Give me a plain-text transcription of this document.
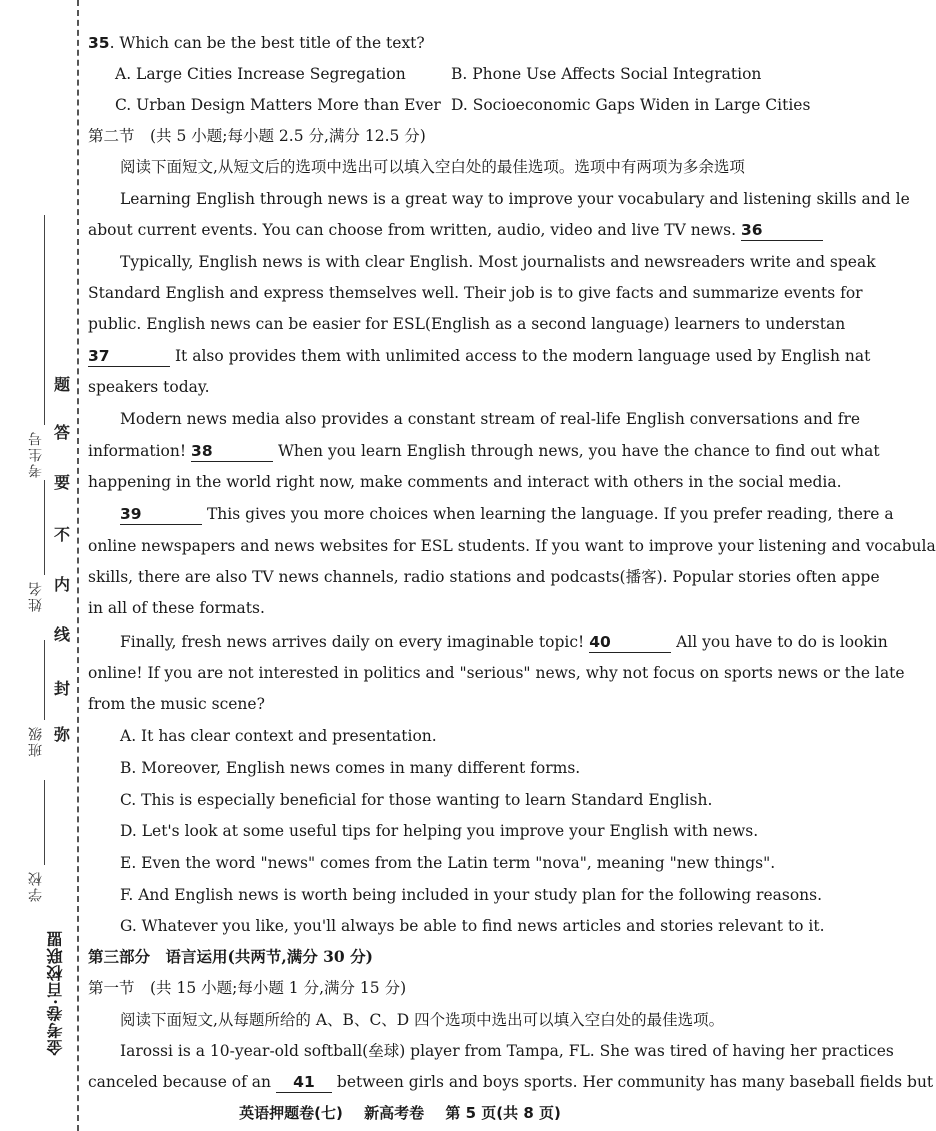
考生号
姓名
班级
学校
题
答
要
不
内
线
封
弥
金考卷·百校联盟
35. Which can be the best title of the text?
A. Large Cities Increase Segregation	B. Phone Use Affects Social Integration
C. Urban Design Matters More than Ever D. Socioeconomic Gaps Widen in Large Cities
第二节　(共 5 小题;每小题 2.5 分,满分 12.5 分)
阅读下面短文,从短文后的选项中选出可以填入空白处的最佳选项。选项中有两项为多余选项
Learning English through news is a great way to improve your vocabulary and listening skills and le
about current events. You can choose from written, audio, video and live TV news. 36
Typically, English news is with clear English. Most journalists and newsreaders write and speak
Standard English and express themselves well. Their job is to give facts and summarize events for
public. English news can be easier for ESL(English as a second language) learners to understan
37	It also provides them with unlimited access to the modern language used by English nat
speakers today.
Modern news media also provides a constant stream of real-life English conversations and fre
information! 38	When you learn English through news, you have the chance to find out what
happening in the world right now, make comments and interact with others in the social media.
39	This gives you more choices when learning the language. If you prefer reading, there a
online newspapers and news websites for ESL students. If you want to improve your listening and vocabula
skills, there are also TV news channels, radio stations and podcasts(播客). Popular stories often appe
in all of these formats.
Finally, fresh news arrives daily on every imaginable topic! 40	All you have to do is lookin
online! If you are not interested in politics and "serious" news, why not focus on sports news or the late
from the music scene?
A. It has clear context and presentation.
B. Moreover, English news comes in many different forms.
C. This is especially beneficial for those wanting to learn Standard English.
D. Let's look at some useful tips for helping you improve your English with news.
E. Even the word "news" comes from the Latin term "nova", meaning "new things".
F. And English news is worth being included in your study plan for the following reasons.
G. Whatever you like, you'll always be able to find news articles and stories relevant to it.
第三部分　语言运用(共两节,满分 30 分)
第一节　(共 15 小题;每小题 1 分,满分 15 分)
阅读下面短文,从每题所给的 A、B、C、D 四个选项中选出可以填入空白处的最佳选项。
Iarossi is a 10-year-old softball(垒球) player from Tampa, FL. She was tired of having her practices
canceled because of an 41 between girls and boys sports. Her community has many baseball fields but
英语押题卷(七) 新高考卷 第 5 页(共 8 页)
